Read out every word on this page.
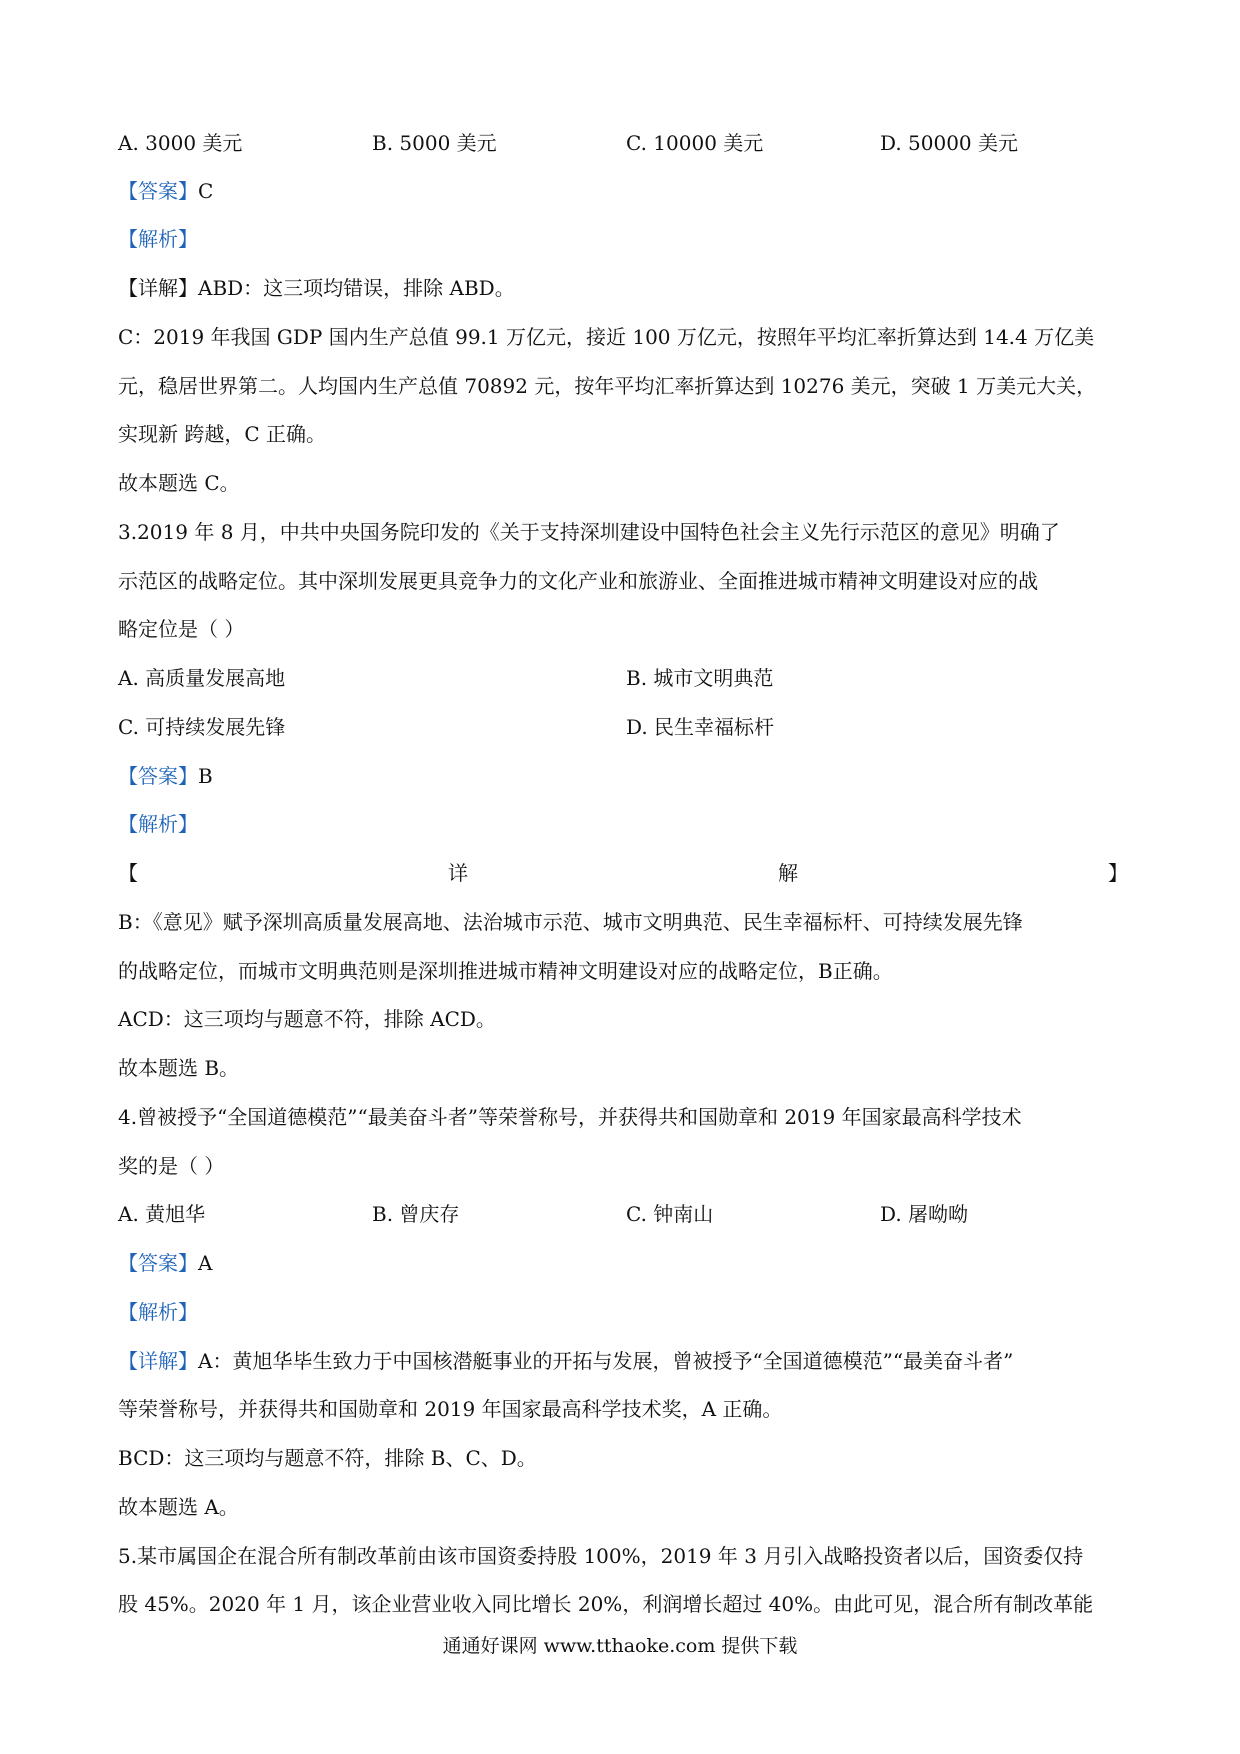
A. 3000 美元	B. 5000 美元	C. 10000 美元	D. 50000 美元
【答案】C
【解析】
【详解】ABD：这三项均错误，排除 ABD。
C：2019 年我国 GDP 国内生产总值 99.1 万亿元，接近 100 万亿元，按照年平均汇率折算达到 14.4 万亿美
元，稳居世界第二。人均国内生产总值 70892 元，按年平均汇率折算达到 10276 美元，突破 1 万美元大关，
实现新 跨越，C 正确。
故本题选 C。
3.2019 年 8 月，中共中央国务院印发的《关于支持深圳建设中国特色社会主义先行示范区的意见》明确了
示范区的战略定位。其中深圳发展更具竞争力的文化产业和旅游业、全面推进城市精神文明建设对应的战
略定位是（ ）
A. 高质量发展高地	B. 城市文明典范
C. 可持续发展先锋	D. 民生幸福标杆
【答案】B
【解析】
【	详	解	】
B：《意见》赋予深圳高质量发展高地、法治城市示范、城市文明典范、民生幸福标杆、可持续发展先锋
的战略定位，而城市文明典范则是深圳推进城市精神文明建设对应的战略定位，B正确。
ACD：这三项均与题意不符，排除 ACD。
故本题选 B。
4.曾被授予“全国道德模范”“最美奋斗者”等荣誉称号，并获得共和国勋章和 2019 年国家最高科学技术
奖的是（ ）
A. 黄旭华	B. 曾庆存	C. 钟南山	D. 屠呦呦
【答案】A
【解析】
【详解】A：黄旭华毕生致力于中国核潜艇事业的开拓与发展，曾被授予“全国道德模范”“最美奋斗者”
等荣誉称号，并获得共和国勋章和 2019 年国家最高科学技术奖，A 正确。
BCD：这三项均与题意不符，排除 B、C、D。
故本题选 A。
5.某市属国企在混合所有制改革前由该市国资委持股 100%，2019 年 3 月引入战略投资者以后，国资委仅持
股 45%。2020 年 1 月，该企业营业收入同比增长 20%，利润增长超过 40%。由此可见，混合所有制改革能
通通好课网 www.tthaoke.com 提供下载
